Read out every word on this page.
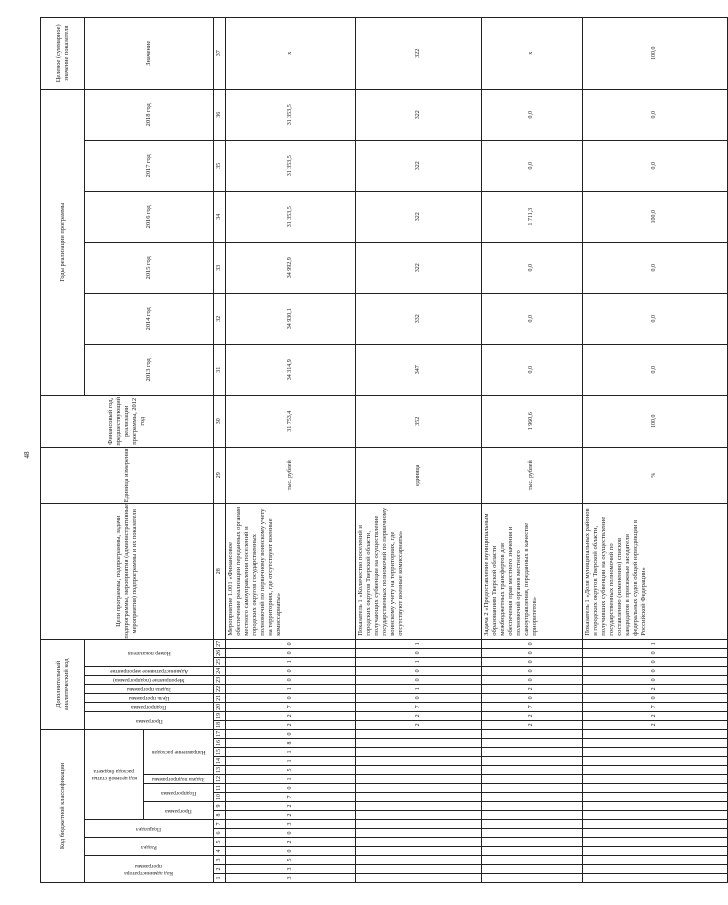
48
Код бюджетной классификации																	Дополнительный аналитический код										Цели программы, подпрограммы, задачи подпрограммы, мероприятия (административные мероприятия) подпрограммы и их показатели	Единица измерения	Финансовый год, предшествующий реализации программы, 2012 год	Годы реализации программы						Целевое (суммарное) значение показателя

Код администратора программы			Раздел		Подраздел		код целевой статьи расхода бюджета										Программа		Подпрограмма	Цель программы	Задача программы	Мероприятие (подпрограмма)	Административное мероприятие	Номер показателя						2013 год	2014 год	2015 год	2016 год	2017 год	2018 год	Значение

							Программа		Подпрограмма		Задача подпрограммы	Направление расходов																								

1	2	3	4	5	6	7	8	9	10	11	12	13	14	15	16	17	18	19	20	21	22	23	24	25	26	27	28	29	30	31	32	33	34	35	36	37
3	3	5	0	2	0	3	2	2	7	0	1	5	1	1	8	0	2	2	7	0	1	0	0	1	0	0	Мероприятие 1.001 «Финансовое обеспечение реализации переданных органам местного самоуправления поселений и городских округов государственных полномочий по первичному воинскому учету на территориях, где отсутствуют военные комиссариаты»	тыс. рублей	31 753,4	34 314,9	34 930,1	34 992,9	31 353,5	31 353,5	31 353,5	х
																	2	2	7	0	1	0	0	1	0	1	Показатель 1 «Количество поселений и городских округов Тверской области, получающих субвенции на осуществление государственных полномочий по первичному воинскому учету на территориях, где отсутствуют военные комиссариаты»	единица	352	347	332	322	322	322	322	322
																	2	2	7	0	2	0	0	0	0	0	Задача 2 «Предоставление муниципальным образованиям Тверской области межбюджетных трансфертов для обеспечения прав местного значения и полномочий органов местного самоуправления, переданных в качестве приоритетов»	тыс. рублей	1 960,6	0,0	0,0	0,0	1 711,3	0,0	0,0	х
																	2	2	7	0	2	0	0	0	0	1	Показатель 1 «Доля муниципальных районов и городских округов Тверской области, получивших субвенции на осуществление государственных полномочий по составлению (изменению) списков кандидатов в присяжные заседатели федеральных судов общей юрисдикции в Российской Федерации»	%	100,0	0,0	0,0	0,0	100,0	0,0	0,0	100,0
